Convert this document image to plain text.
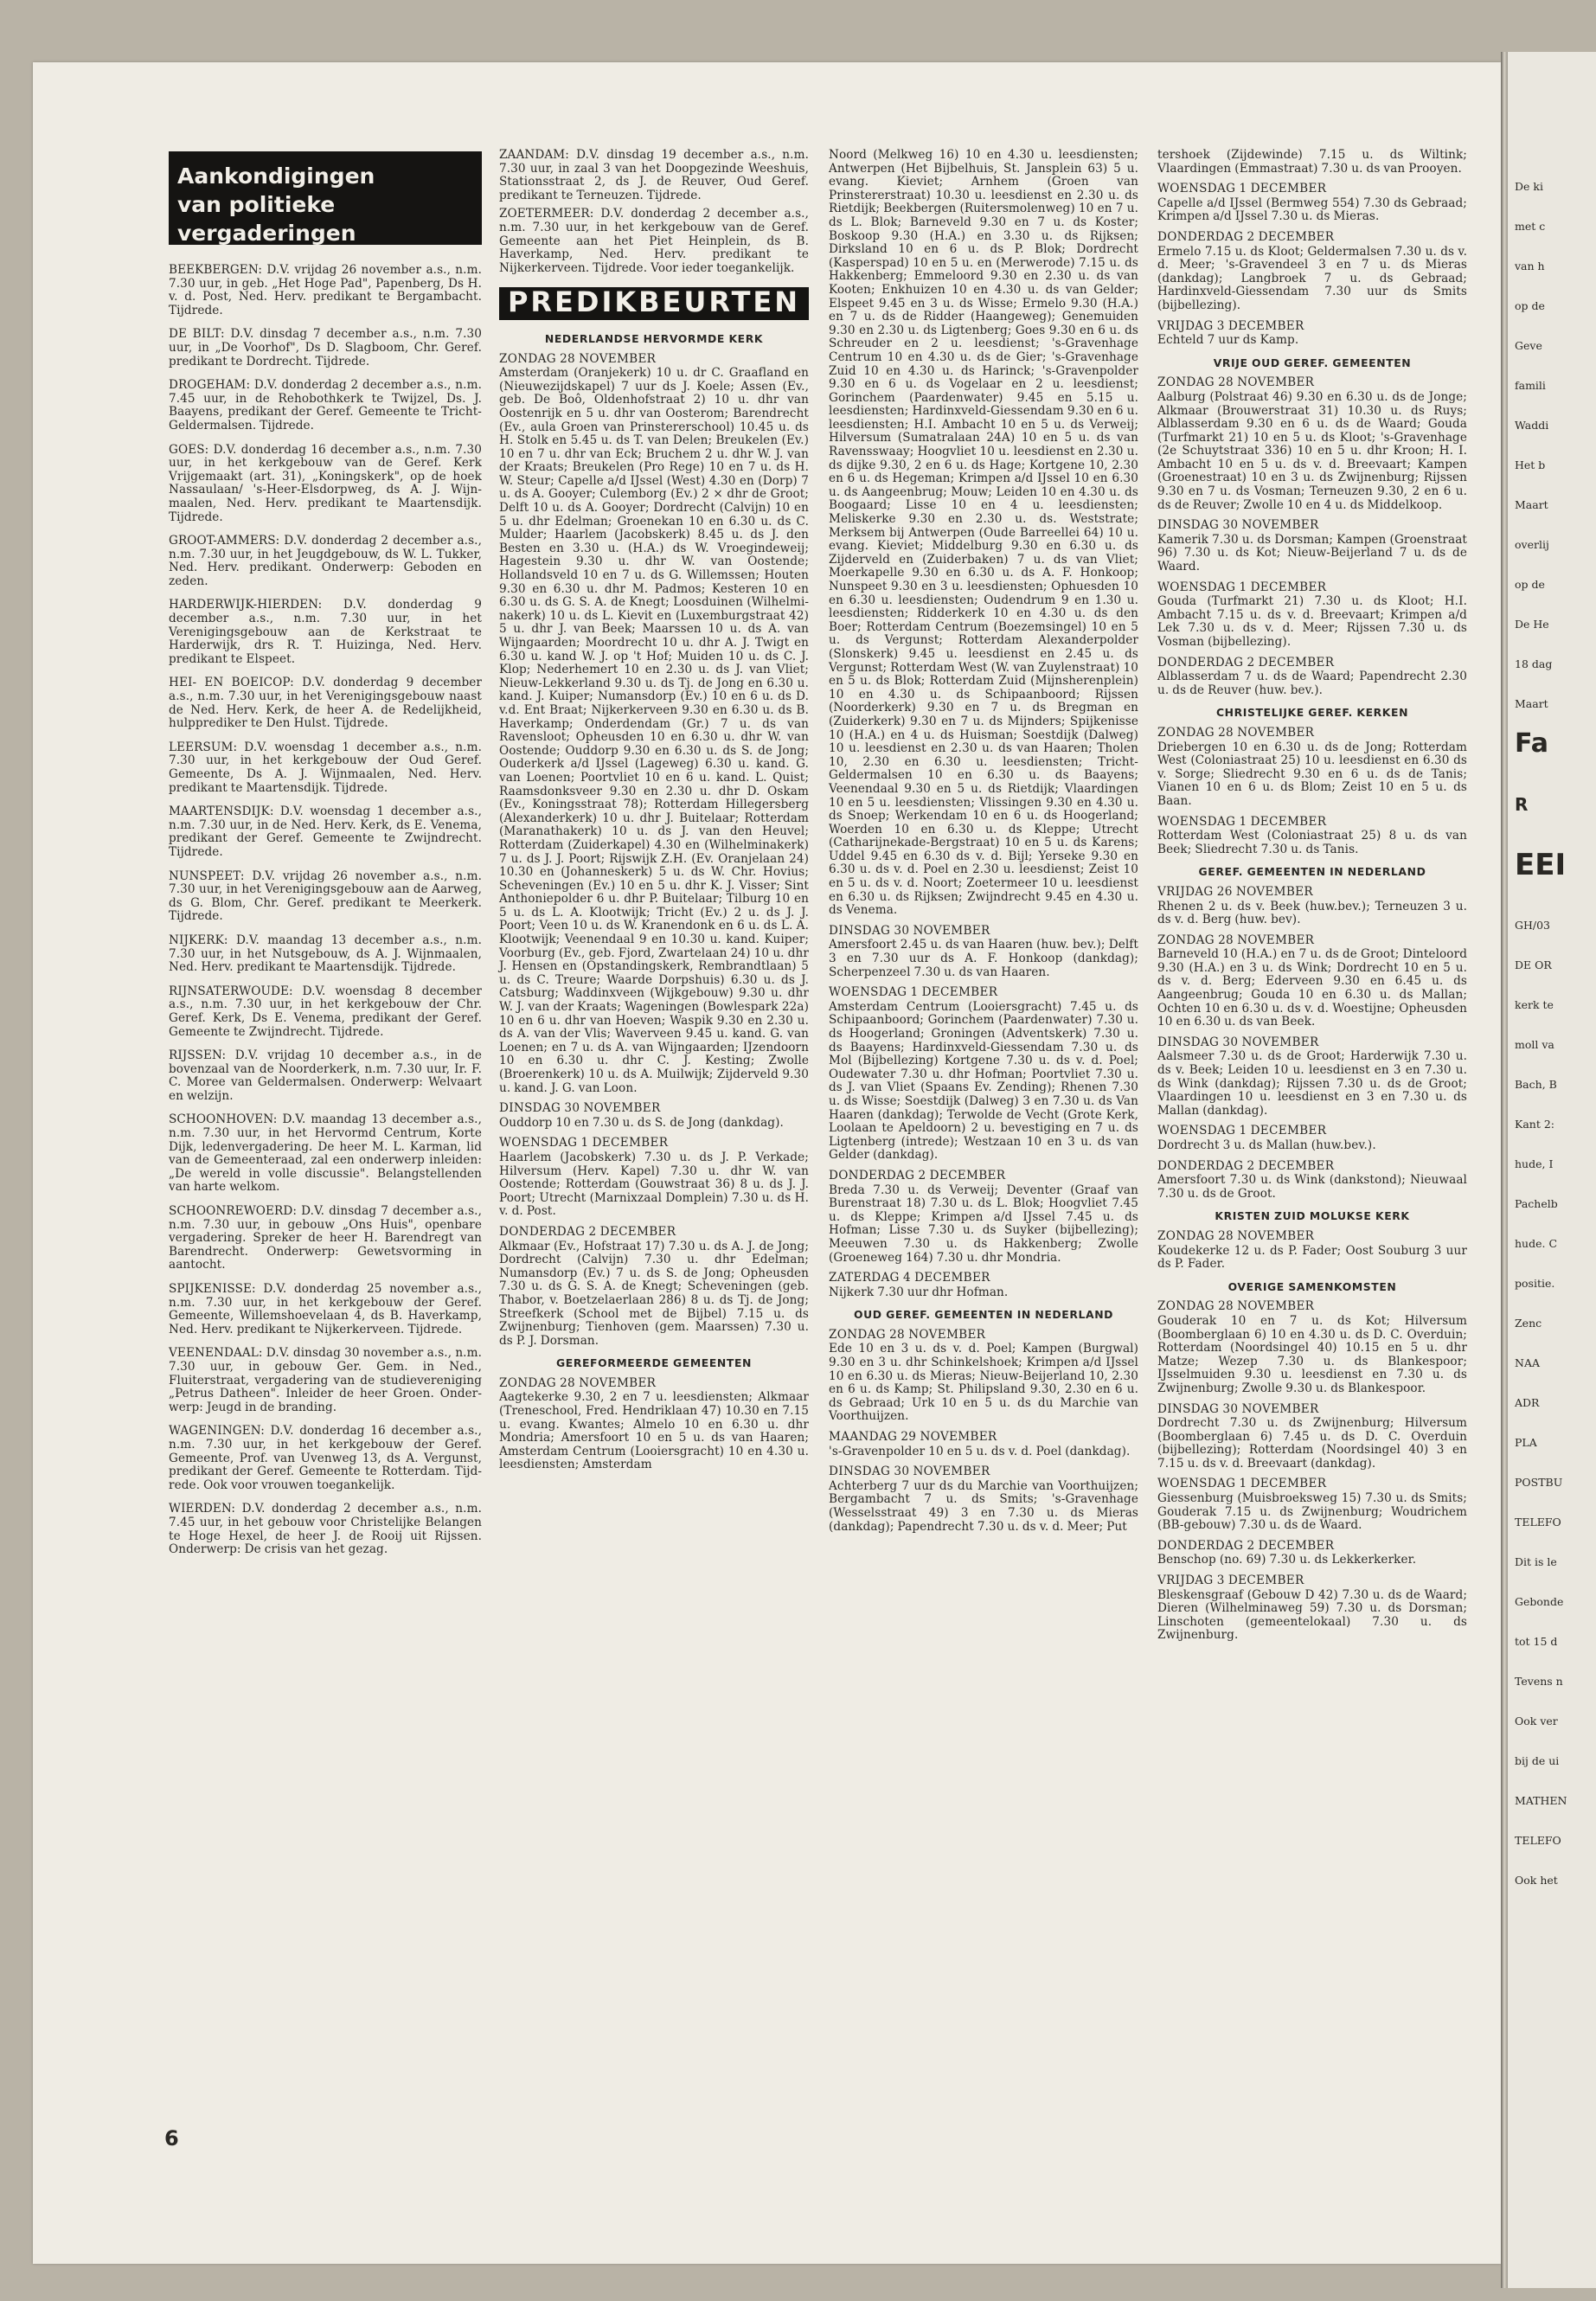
De ki
met c
van h
op de
Geve
famili
Waddi
Het b
Maart
overlij
op de
De He
18 dag
Maart
Fa
R
EEI
GH/03
DE OR
kerk te
moll va
Bach, B
Kant 2:
hude, I
Pachelb
hude. C
positie.
Zenc
NAA
ADR
PLA
POSTBU
TELEFO
Dit is le
Gebonde
tot 15 d
Tevens n
Ook ver
bij de ui
MATHEN
TELEFO
Ook het
Aankondigingen
van politieke vergaderingen
BEEKBERGEN: D.V. vrijdag 26 november a.s., n.m. 7.30 uur, in geb. „Het Hoge Pad", Papenberg, Ds H. v. d. Post, Ned. Herv. predikant te Bergambacht. Tijdrede.
DE BILT: D.V. dinsdag 7 december a.s., n.m. 7.30 uur, in „De Voorhof", Ds D. Slagboom, Chr. Geref. predikant te Dordrecht. Tijdrede.
DROGEHAM: D.V. donderdag 2 december a.s., n.m. 7.45 uur, in de Rehobothkerk te Twijzel, Ds. J. Baayens, predikant der Geref. Gemeente te Tricht-Geldermalsen. Tijdrede.
GOES: D.V. donderdag 16 december a.s., n.m. 7.30 uur, in het kerkgebouw van de Geref. Kerk Vrijgemaakt (art. 31), „Koningskerk", op de hoek Nassaulaan/ 's-Heer-Elsdorpweg, ds A. J. Wijnmaalen, Ned. Herv. predikant te Maartensdijk. Tijdrede.
GROOT-AMMERS: D.V. donderdag 2 december a.s., n.m. 7.30 uur, in het Jeugdgebouw, ds W. L. Tukker, Ned. Herv. predikant. Onderwerp: Geboden en zeden.
HARDERWIJK-HIERDEN: D.V. donderdag 9 december a.s., n.m. 7.30 uur, in het Verenigingsgebouw aan de Kerkstraat te Harderwijk, drs R. T. Huizinga, Ned. Herv. predikant te Elspeet.
HEI- EN BOEICOP: D.V. donderdag 9 december a.s., n.m. 7.30 uur, in het Verenigingsgebouw naast de Ned. Herv. Kerk, de heer A. de Redelijkheid, hulpprediker te Den Hulst. Tijdrede.
LEERSUM: D.V. woensdag 1 december a.s., n.m. 7.30 uur, in het kerkgebouw der Oud Geref. Gemeente, Ds A. J. Wijnmaalen, Ned. Herv. predikant te Maartensdijk. Tijdrede.
MAARTENSDIJK: D.V. woensdag 1 december a.s., n.m. 7.30 uur, in de Ned. Herv. Kerk, ds E. Venema, predikant der Geref. Gemeente te Zwijndrecht. Tijdrede.
NUNSPEET: D.V. vrijdag 26 november a.s., n.m. 7.30 uur, in het Verenigingsgebouw aan de Aarweg, ds G. Blom, Chr. Geref. predikant te Meerkerk. Tijdrede.
NIJKERK: D.V. maandag 13 december a.s., n.m. 7.30 uur, in het Nutsgebouw, ds A. J. Wijnmaalen, Ned. Herv. predikant te Maartensdijk. Tijdrede.
RIJNSATERWOUDE: D.V. woensdag 8 december a.s., n.m. 7.30 uur, in het kerkgebouw der Chr. Geref. Kerk, Ds E. Venema, predikant der Geref. Gemeente te Zwijndrecht. Tijdrede.
RIJSSEN: D.V. vrijdag 10 december a.s., in de bovenzaal van de Noorderkerk, n.m. 7.30 uur, Ir. F. C. Moree van Geldermalsen. Onderwerp: Welvaart en welzijn.
SCHOONHOVEN: D.V. maandag 13 december a.s., n.m. 7.30 uur, in het Hervormd Centrum, Korte Dijk, ledenvergadering. De heer M. L. Karman, lid van de Gemeenteraad, zal een onderwerp inleiden: „De wereld in volle discussie". Belangstellenden van harte welkom.
SCHOONREWOERD: D.V. dinsdag 7 december a.s., n.m. 7.30 uur, in gebouw „Ons Huis", openbare vergadering. Spreker de heer H. Barendregt van Barendrecht. Onderwerp: Gewetsvorming in aantocht.
SPIJKENISSE: D.V. donderdag 25 november a.s., n.m. 7.30 uur, in het kerkgebouw der Geref. Gemeente, Willemshoevelaan 4, ds B. Haverkamp, Ned. Herv. predikant te Nijkerkerveen. Tijdrede.
VEENENDAAL: D.V. dinsdag 30 november a.s., n.m. 7.30 uur, in gebouw Ger. Gem. in Ned., Fluiterstraat, vergadering van de studievereniging „Petrus Datheen". Inleider de heer Groen. Onderwerp: Jeugd in de branding.
WAGENINGEN: D.V. donderdag 16 december a.s., n.m. 7.30 uur, in het kerkgebouw der Geref. Gemeente, Prof. van Uvenweg 13, ds A. Vergunst, predikant der Geref. Gemeente te Rotterdam. Tijdrede. Ook voor vrouwen toegankelijk.
WIERDEN: D.V. donderdag 2 december a.s., n.m. 7.45 uur, in het gebouw voor Christelijke Belangen te Hoge Hexel, de heer J. de Rooij uit Rijssen. Onderwerp: De crisis van het gezag.
ZAANDAM: D.V. dinsdag 19 december a.s., n.m. 7.30 uur, in zaal 3 van het Doopgezinde Weeshuis, Stationsstraat 2, ds J. de Reuver, Oud Geref. predikant te Terneuzen. Tijdrede.
ZOETERMEER: D.V. donderdag 2 december a.s., n.m. 7.30 uur, in het kerkgebouw van de Geref. Gemeente aan het Piet Heinplein, ds B. Haverkamp, Ned. Herv. predikant te Nijkerkerveen. Tijdrede. Voor ieder toegankelijk.
PREDIKBEURTEN
NEDERLANDSE HERVORMDE KERK
ZONDAG 28 NOVEMBER
Amsterdam (Oranjekerk) 10 u. dr C. Graafland en (Nieuwezijdskapel) 7 uur ds J. Koele; Assen (Ev., geb. De Boô, Oldenhofstraat 2) 10 u. dhr van Oostenrijk en 5 u. dhr van Oosterom; Barendrecht (Ev., aula Groen van Prinstererschool) 10.45 u. ds H. Stolk en 5.45 u. ds T. van Delen; Breukelen (Ev.) 10 en 7 u. dhr van Eck; Bruchem 2 u. dhr W. J. van der Kraats; Breukelen (Pro Rege) 10 en 7 u. ds H. W. Steur; Capelle a/d IJssel (West) 4.30 en (Dorp) 7 u. ds A. Gooyer; Culemborg (Ev.) 2 × dhr de Groot; Delft 10 u. ds A. Gooyer; Dordrecht (Calvijn) 10 en 5 u. dhr Edelman; Groenekan 10 en 6.30 u. ds C. Mulder; Haarlem (Jacobskerk) 8.45 u. ds J. den Besten en 3.30 u. (H.A.) ds W. Vroegindeweij; Hagestein 9.30 u. dhr W. van Oostende; Hollandsveld 10 en 7 u. ds G. Willemssen; Houten 9.30 en 6.30 u. dhr M. Padmos; Kesteren 10 en 6.30 u. ds G. S. A. de Knegt; Loosduinen (Wilhelminakerk) 10 u. ds L. Kievit en (Luxemburgstraat 42) 5 u. dhr J. van Beek; Maarssen 10 u. ds A. van Wijngaarden; Moordrecht 10 u. dhr A. J. Twigt en 6.30 u. kand W. J. op 't Hof; Muiden 10 u. ds C. J. Klop; Nederhemert 10 en 2.30 u. ds J. van Vliet; Nieuw-Lekkerland 9.30 u. ds Tj. de Jong en 6.30 u. kand. J. Kuiper; Numansdorp (Ev.) 10 en 6 u. ds D. v.d. Ent Braat; Nijkerkerveen 9.30 en 6.30 u. ds B. Haverkamp; Onderdendam (Gr.) 7 u. ds van Ravensloot; Opheusden 10 en 6.30 u. dhr W. van Oostende; Ouddorp 9.30 en 6.30 u. ds S. de Jong; Ouderkerk a/d IJssel (Lageweg) 6.30 u. kand. G. van Loenen; Poortvliet 10 en 6 u. kand. L. Quist; Raamsdonksveer 9.30 en 2.30 u. dhr D. Oskam (Ev., Koningsstraat 78); Rotterdam Hillegersberg (Alexanderkerk) 10 u. dhr J. Buitelaar; Rotterdam (Maranathakerk) 10 u. ds J. van den Heuvel; Rotterdam (Zuiderkapel) 4.30 en (Wilhelminakerk) 7 u. ds J. J. Poort; Rijswijk Z.H. (Ev. Oranjelaan 24) 10.30 en (Johanneskerk) 5 u. ds W. Chr. Hovius; Scheveningen (Ev.) 10 en 5 u. dhr K. J. Visser; Sint Anthoniepolder 6 u. dhr P. Buitelaar; Tilburg 10 en 5 u. ds L. A. Klootwijk; Tricht (Ev.) 2 u. ds J. J. Poort; Veen 10 u. ds W. Kranendonk en 6 u. ds L. A. Klootwijk; Veenendaal 9 en 10.30 u. kand. Kuiper; Voorburg (Ev., geb. Fjord, Zwartelaan 24) 10 u. dhr J. Hensen en (Opstandingskerk, Rembrandtlaan) 5 u. ds C. Treure; Waarde Dorpshuis) 6.30 u. ds J. Catsburg; Waddinxveen (Wijkgebouw) 9.30 u. dhr W. J. van der Kraats; Wageningen (Bowlespark 22a) 10 en 6 u. dhr van Hoeven; Waspik 9.30 en 2.30 u. ds A. van der Vlis; Waverveen 9.45 u. kand. G. van Loenen; en 7 u. ds A. van Wijngaarden; IJzendoorn 10 en 6.30 u. dhr C. J. Kesting; Zwolle (Broerenkerk) 10 u. ds A. Muilwijk; Zijderveld 9.30 u. kand. J. G. van Loon.
DINSDAG 30 NOVEMBER
Ouddorp 10 en 7.30 u. ds S. de Jong (dankdag).
WOENSDAG 1 DECEMBER
Haarlem (Jacobskerk) 7.30 u. ds J. P. Verkade; Hilversum (Herv. Kapel) 7.30 u. dhr W. van Oostende; Rotterdam (Gouwstraat 36) 8 u. ds J. J. Poort; Utrecht (Marnixzaal Domplein) 7.30 u. ds H. v. d. Post.
DONDERDAG 2 DECEMBER
Alkmaar (Ev., Hofstraat 17) 7.30 u. ds A. J. de Jong; Dordrecht (Calvijn) 7.30 u. dhr Edelman; Numansdorp (Ev.) 7 u. ds S. de Jong; Opheusden 7.30 u. ds G. S. A. de Knegt; Scheveningen (geb. Thabor, v. Boetzelaerlaan 286) 8 u. ds Tj. de Jong; Streefkerk (School met de Bijbel) 7.15 u. ds Zwijnenburg; Tienhoven (gem. Maarssen) 7.30 u. ds P. J. Dorsman.
GEREFORMEERDE GEMEENTEN
ZONDAG 28 NOVEMBER
Aagtekerke 9.30, 2 en 7 u. leesdiensten; Alkmaar (Treneschool, Fred. Hendriklaan 47) 10.30 en 7.15 u. evang. Kwantes; Almelo 10 en 6.30 u. dhr Mondria; Amersfoort 10 en 5 u. ds van Haaren; Amsterdam Centrum (Looiersgracht) 10 en 4.30 u. leesdiensten; Amsterdam
Noord (Melkweg 16) 10 en 4.30 u. leesdiensten; Antwerpen (Het Bijbelhuis, St. Jansplein 63) 5 u. evang. Kieviet; Arnhem (Groen van Prinstererstraat) 10.30 u. leesdienst en 2.30 u. ds Rietdijk; Beekbergen (Ruitersmolenweg) 10 en 7 u. ds L. Blok; Barneveld 9.30 en 7 u. ds Koster; Boskoop 9.30 (H.A.) en 3.30 u. ds Rijksen; Dirksland 10 en 6 u. ds P. Blok; Dordrecht (Kasperspad) 10 en 5 u. en (Merwerode) 7.15 u. ds Hakkenberg; Emmeloord 9.30 en 2.30 u. ds van Kooten; Enkhuizen 10 en 4.30 u. ds van Gelder; Elspeet 9.45 en 3 u. ds Wisse; Ermelo 9.30 (H.A.) en 7 u. ds de Ridder (Haangeweg); Genemuiden 9.30 en 2.30 u. ds Ligtenberg; Goes 9.30 en 6 u. ds Schreuder en 2 u. leesdienst; 's-Gravenhage Centrum 10 en 4.30 u. ds de Gier; 's-Gravenhage Zuid 10 en 4.30 u. ds Harinck; 's-Gravenpolder 9.30 en 6 u. ds Vogelaar en 2 u. leesdienst; Gorinchem (Paardenwater) 9.45 en 5.15 u. leesdiensten; Hardinxveld-Giessendam 9.30 en 6 u. leesdiensten; H.I. Ambacht 10 en 5 u. ds Verweij; Hilversum (Sumatralaan 24A) 10 en 5 u. ds van Ravensswaay; Hoogvliet 10 u. leesdienst en 2.30 u. ds dijke 9.30, 2 en 6 u. ds Hage; Kortgene 10, 2.30 en 6 u. ds Hegeman; Krimpen a/d IJssel 10 en 6.30 u. ds Aangeenbrug; Mouw; Leiden 10 en 4.30 u. ds Boogaard; Lisse 10 en 4 u. leesdiensten; Meliskerke 9.30 en 2.30 u. ds. Weststrate; Merksem bij Antwerpen (Oude Barreellei 64) 10 u. evang. Kieviet; Middelburg 9.30 en 6.30 u. ds Zijderveld en (Zuiderbaken) 7 u. ds van Vliet; Moerkapelle 9.30 en 6.30 u. ds A. F. Honkoop; Nunspeet 9.30 en 3 u. leesdiensten; Ophuesden 10 en 6.30 u. leesdiensten; Oudendrum 9 en 1.30 u. leesdiensten; Ridderkerk 10 en 4.30 u. ds den Boer; Rotterdam Centrum (Boezemsingel) 10 en 5 u. ds Vergunst; Rotterdam Alexanderpolder (Slonskerk) 9.45 u. leesdienst en 2.45 u. ds Vergunst; Rotterdam West (W. van Zuylenstraat) 10 en 5 u. ds Blok; Rotterdam Zuid (Mijnsherenplein) 10 en 4.30 u. ds Schipaanboord; Rijssen (Noorderkerk) 9.30 en 7 u. ds Bregman en (Zuiderkerk) 9.30 en 7 u. ds Mijnders; Spijkenisse 10 (H.A.) en 4 u. ds Huisman; Soestdijk (Dalweg) 10 u. leesdienst en 2.30 u. ds van Haaren; Tholen 10, 2.30 en 6.30 u. leesdiensten; Tricht-Geldermalsen 10 en 6.30 u. ds Baayens; Veenendaal 9.30 en 5 u. ds Rietdijk; Vlaardingen 10 en 5 u. leesdiensten; Vlissingen 9.30 en 4.30 u. ds Snoep; Werkendam 10 en 6 u. ds Hoogerland; Woerden 10 en 6.30 u. ds Kleppe; Utrecht (Catharijnekade-Bergstraat) 10 en 5 u. ds Karens; Uddel 9.45 en 6.30 ds v. d. Bijl; Yerseke 9.30 en 6.30 u. ds v. d. Poel en 2.30 u. leesdienst; Zeist 10 en 5 u. ds v. d. Noort; Zoetermeer 10 u. leesdienst en 6.30 u. ds Rijksen; Zwijndrecht 9.45 en 4.30 u. ds Venema.
DINSDAG 30 NOVEMBER
Amersfoort 2.45 u. ds van Haaren (huw. bev.); Delft 3 en 7.30 uur ds A. F. Honkoop (dankdag); Scherpenzeel 7.30 u. ds van Haaren.
WOENSDAG 1 DECEMBER
Amsterdam Centrum (Looiersgracht) 7.45 u. ds Schipaanboord; Gorinchem (Paardenwater) 7.30 u. ds Hoogerland; Groningen (Adventskerk) 7.30 u. ds Baayens; Hardinxveld-Giessendam 7.30 u. ds Mol (Bijbellezing) Kortgene 7.30 u. ds v. d. Poel; Oudewater 7.30 u. dhr Hofman; Poortvliet 7.30 u. ds J. van Vliet (Spaans Ev. Zending); Rhenen 7.30 u. ds Wisse; Soestdijk (Dalweg) 3 en 7.30 u. ds Van Haaren (dankdag); Terwolde de Vecht (Grote Kerk, Loolaan te Apeldoorn) 2 u. bevestiging en 7 u. ds Ligtenberg (intrede); Westzaan 10 en 3 u. ds van Gelder (dankdag).
DONDERDAG 2 DECEMBER
Breda 7.30 u. ds Verweij; Deventer (Graaf van Burenstraat 18) 7.30 u. ds L. Blok; Hoogvliet 7.45 u. ds Kleppe; Krimpen a/d IJssel 7.45 u. ds Hofman; Lisse 7.30 u. ds Suyker (bijbellezing); Meeuwen 7.30 u. ds Hakkenberg; Zwolle (Groeneweg 164) 7.30 u. dhr Mondria.
ZATERDAG 4 DECEMBER
Nijkerk 7.30 uur dhr Hofman.
OUD GEREF. GEMEENTEN IN NEDERLAND
ZONDAG 28 NOVEMBER
Ede 10 en 3 u. ds v. d. Poel; Kampen (Burgwal) 9.30 en 3 u. dhr Schinkelshoek; Krimpen a/d IJssel 10 en 6.30 u. ds Mieras; Nieuw-Beijerland 10, 2.30 en 6 u. ds Kamp; St. Philipsland 9.30, 2.30 en 6 u. ds Gebraad; Urk 10 en 5 u. ds du Marchie van Voorthuijzen.
MAANDAG 29 NOVEMBER
's-Gravenpolder 10 en 5 u. ds v. d. Poel (dankdag).
DINSDAG 30 NOVEMBER
Achterberg 7 uur ds du Marchie van Voorthuijzen; Bergambacht 7 u. ds Smits; 's-Gravenhage (Wesselsstraat 49) 3 en 7.30 u. ds Mieras (dankdag); Papendrecht 7.30 u. ds v. d. Meer; Put
tershoek (Zijdewinde) 7.15 u. ds Wiltink; Vlaardingen (Emmastraat) 7.30 u. ds van Prooyen.
WOENSDAG 1 DECEMBER
Capelle a/d IJssel (Bermweg 554) 7.30 ds Gebraad; Krimpen a/d IJssel 7.30 u. ds Mieras.
DONDERDAG 2 DECEMBER
Ermelo 7.15 u. ds Kloot; Geldermalsen 7.30 u. ds v. d. Meer; 's-Gravendeel 3 en 7 u. ds Mieras (dankdag); Langbroek 7 u. ds Gebraad; Hardinxveld-Giessendam 7.30 uur ds Smits (bijbellezing).
VRIJDAG 3 DECEMBER
Echteld 7 uur ds Kamp.
VRIJE OUD GEREF. GEMEENTEN
ZONDAG 28 NOVEMBER
Aalburg (Polstraat 46) 9.30 en 6.30 u. ds de Jonge; Alkmaar (Brouwerstraat 31) 10.30 u. ds Ruys; Alblasserdam 9.30 en 6 u. ds de Waard; Gouda (Turfmarkt 21) 10 en 5 u. ds Kloot; 's-Gravenhage (2e Schuytstraat 336) 10 en 5 u. dhr Kroon; H. I. Ambacht 10 en 5 u. ds v. d. Breevaart; Kampen (Groenestraat) 10 en 3 u. ds Zwijnenburg; Rijssen 9.30 en 7 u. ds Vosman; Terneuzen 9.30, 2 en 6 u. ds de Reuver; Zwolle 10 en 4 u. ds Middelkoop.
DINSDAG 30 NOVEMBER
Kamerik 7.30 u. ds Dorsman; Kampen (Groenstraat 96) 7.30 u. ds Kot; Nieuw-Beijerland 7 u. ds de Waard.
WOENSDAG 1 DECEMBER
Gouda (Turfmarkt 21) 7.30 u. ds Kloot; H.I. Ambacht 7.15 u. ds v. d. Breevaart; Krimpen a/d Lek 7.30 u. ds v. d. Meer; Rijssen 7.30 u. ds Vosman (bijbellezing).
DONDERDAG 2 DECEMBER
Alblasserdam 7 u. ds de Waard; Papendrecht 2.30 u. ds de Reuver (huw. bev.).
CHRISTELIJKE GEREF. KERKEN
ZONDAG 28 NOVEMBER
Driebergen 10 en 6.30 u. ds de Jong; Rotterdam West (Coloniastraat 25) 10 u. leesdienst en 6.30 ds v. Sorge; Sliedrecht 9.30 en 6 u. ds de Tanis; Vianen 10 en 6 u. ds Blom; Zeist 10 en 5 u. ds Baan.
WOENSDAG 1 DECEMBER
Rotterdam West (Coloniastraat 25) 8 u. ds van Beek; Sliedrecht 7.30 u. ds Tanis.
GEREF. GEMEENTEN IN NEDERLAND
VRIJDAG 26 NOVEMBER
Rhenen 2 u. ds v. Beek (huw.bev.); Terneuzen 3 u. ds v. d. Berg (huw. bev).
ZONDAG 28 NOVEMBER
Barneveld 10 (H.A.) en 7 u. ds de Groot; Dinteloord 9.30 (H.A.) en 3 u. ds Wink; Dordrecht 10 en 5 u. ds v. d. Berg; Ederveen 9.30 en 6.45 u. ds Aangeenbrug; Gouda 10 en 6.30 u. ds Mallan; Ochten 10 en 6.30 u. ds v. d. Woestijne; Opheusden 10 en 6.30 u. ds van Beek.
DINSDAG 30 NOVEMBER
Aalsmeer 7.30 u. ds de Groot; Harderwijk 7.30 u. ds v. Beek; Leiden 10 u. leesdienst en 3 en 7.30 u. ds Wink (dankdag); Rijssen 7.30 u. ds de Groot; Vlaardingen 10 u. leesdienst en 3 en 7.30 u. ds Mallan (dankdag).
WOENSDAG 1 DECEMBER
Dordrecht 3 u. ds Mallan (huw.bev.).
DONDERDAG 2 DECEMBER
Amersfoort 7.30 u. ds Wink (dankstond); Nieuwaal 7.30 u. ds de Groot.
KRISTEN ZUID MOLUKSE KERK
ZONDAG 28 NOVEMBER
Koudekerke 12 u. ds P. Fader; Oost Souburg 3 uur ds P. Fader.
OVERIGE SAMENKOMSTEN
ZONDAG 28 NOVEMBER
Gouderak 10 en 7 u. ds Kot; Hilversum (Boomberglaan 6) 10 en 4.30 u. ds D. C. Overduin; Rotterdam (Noordsingel 40) 10.15 en 5 u. dhr Matze; Wezep 7.30 u. ds Blankespoor; IJsselmuiden 9.30 u. leesdienst en 7.30 u. ds Zwijnenburg; Zwolle 9.30 u. ds Blankespoor.
DINSDAG 30 NOVEMBER
Dordrecht 7.30 u. ds Zwijnenburg; Hilversum (Boomberglaan 6) 7.45 u. ds D. C. Overduin (bijbellezing); Rotterdam (Noordsingel 40) 3 en 7.15 u. ds v. d. Breevaart (dankdag).
WOENSDAG 1 DECEMBER
Giessenburg (Muisbroeksweg 15) 7.30 u. ds Smits; Gouderak 7.15 u. ds Zwijnenburg; Woudrichem (BB-gebouw) 7.30 u. ds de Waard.
DONDERDAG 2 DECEMBER
Benschop (no. 69) 7.30 u. ds Lekkerkerker.
VRIJDAG 3 DECEMBER
Bleskensgraaf (Gebouw D 42) 7.30 u. ds de Waard; Dieren (Wilhelminaweg 59) 7.30 u. ds Dorsman; Linschoten (gemeentelokaal) 7.30 u. ds Zwijnenburg.
6
